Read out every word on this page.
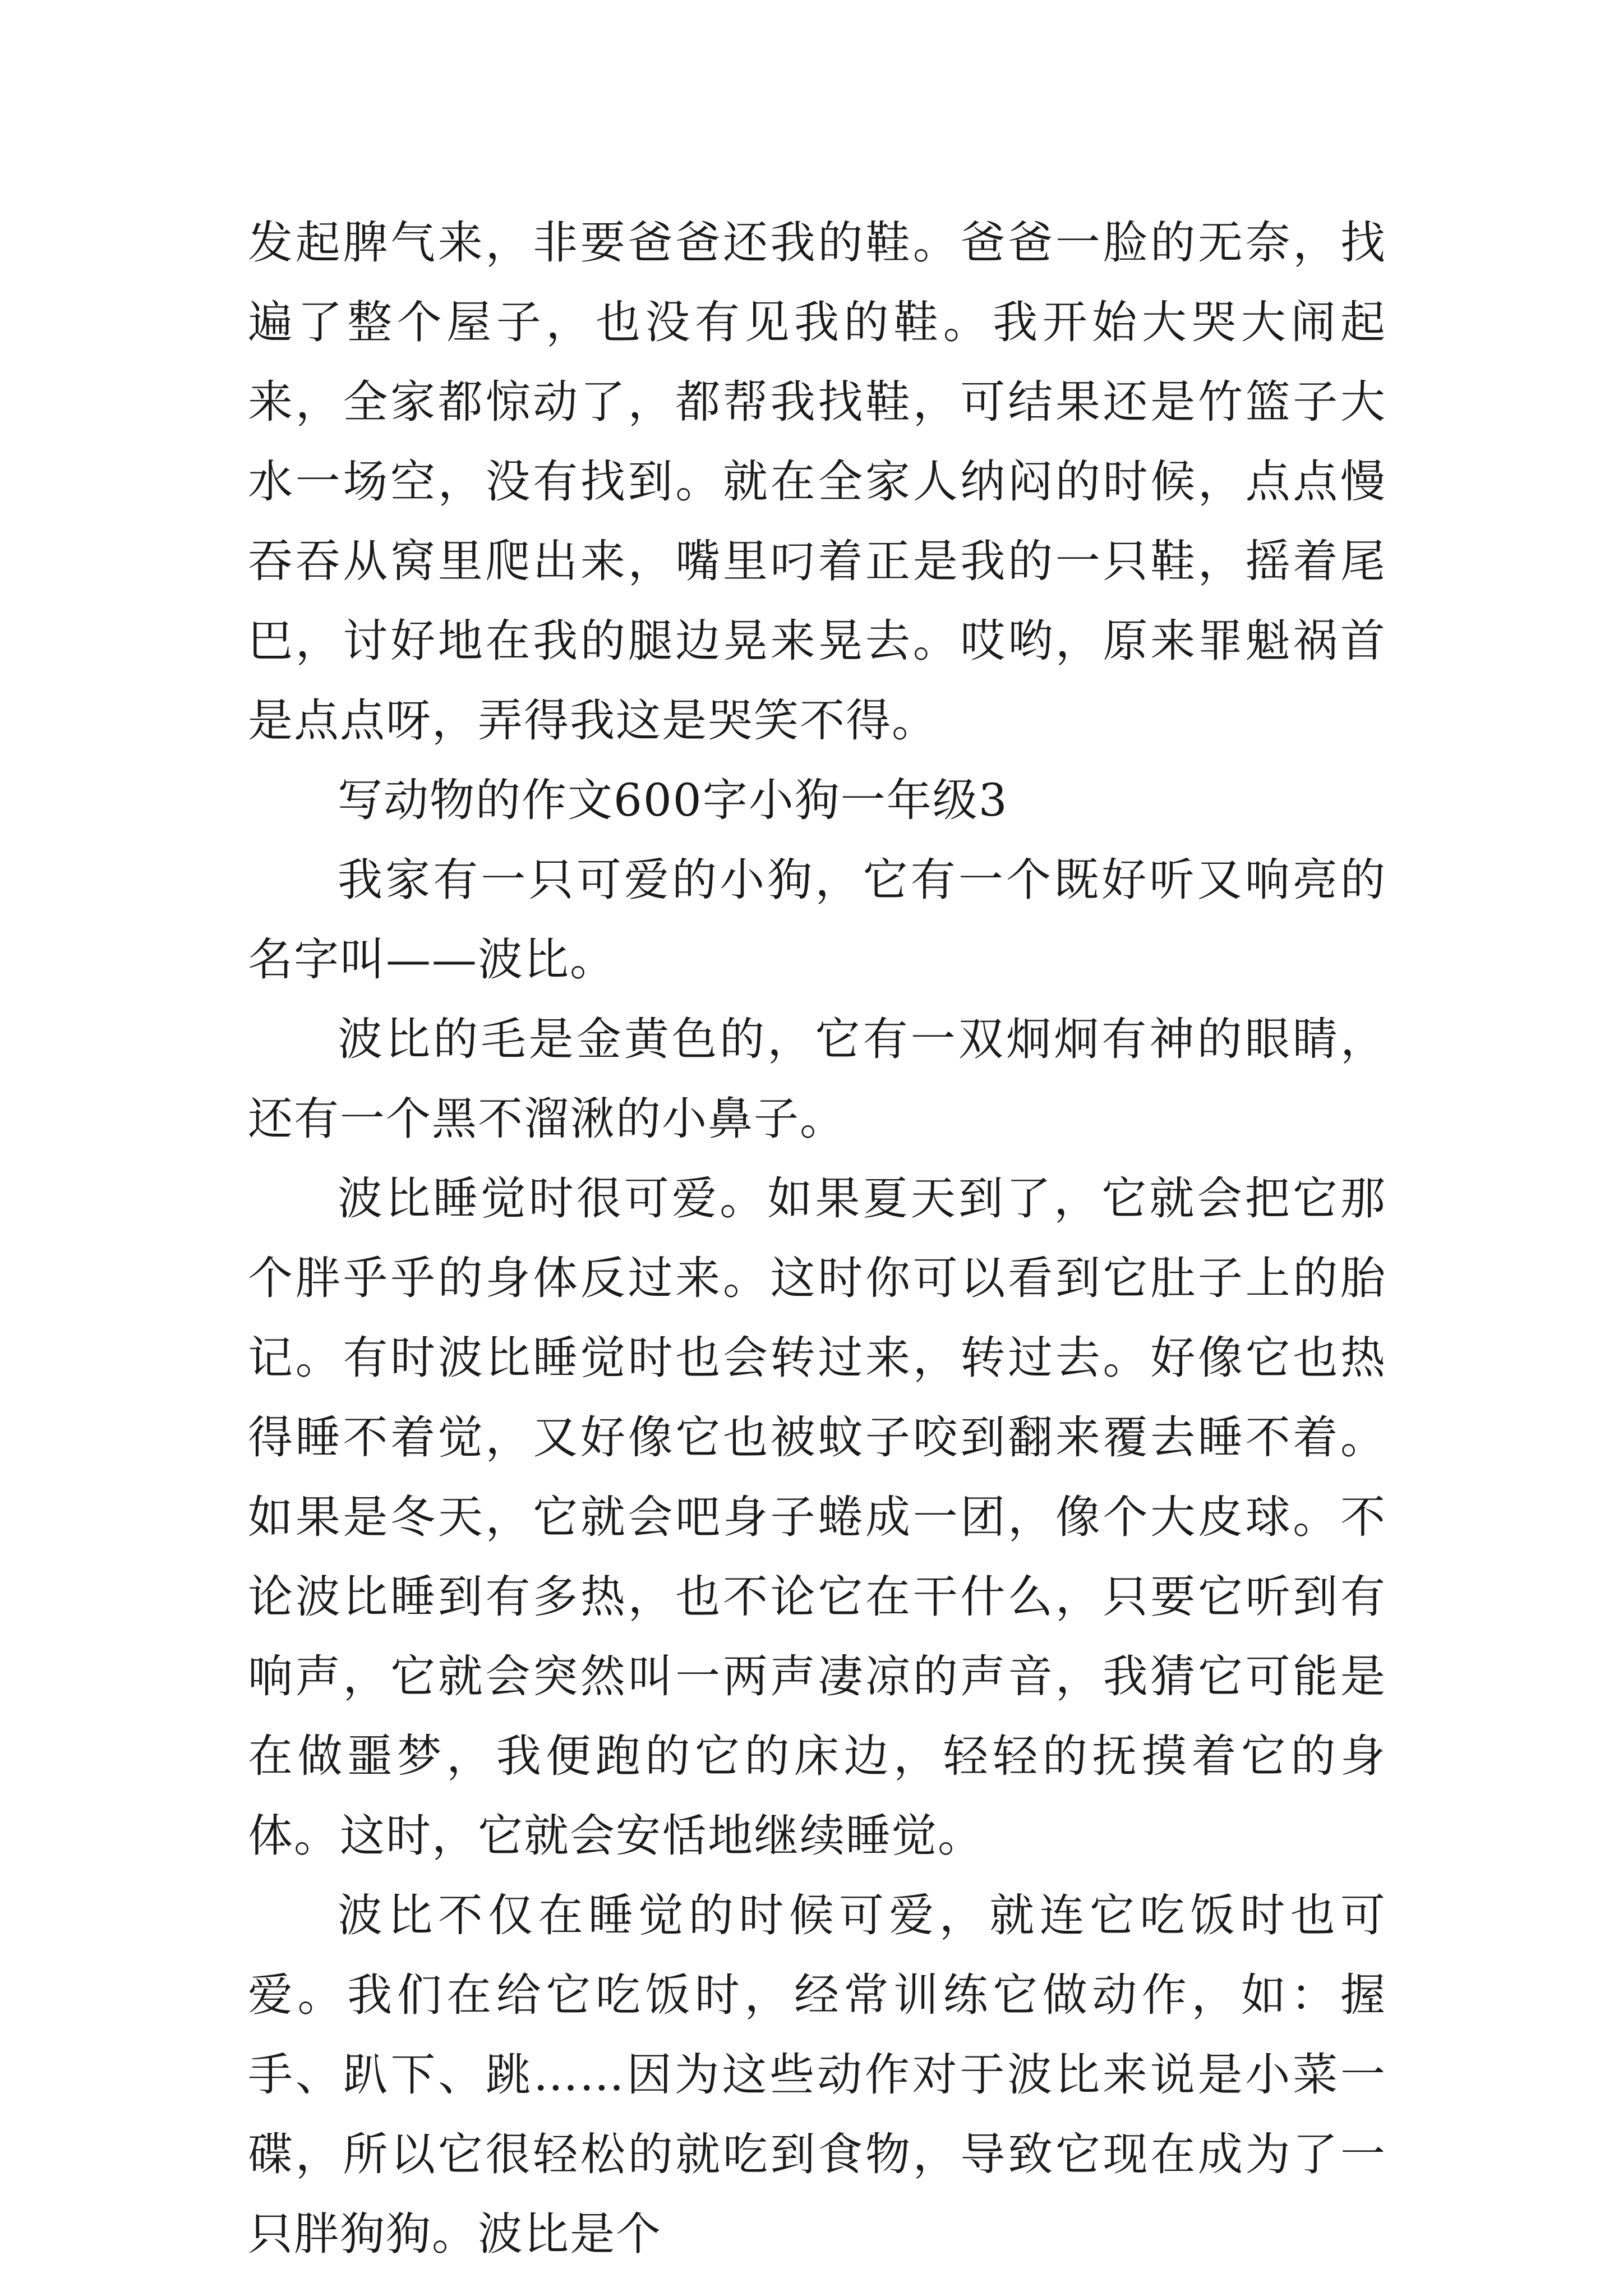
发起脾气来，非要爸爸还我的鞋。爸爸一脸的无奈，找遍了整个屋子，也没有见我的鞋。我开始大哭大闹起来，全家都惊动了，都帮我找鞋，可结果还是竹篮子大水一场空，没有找到。就在全家人纳闷的时候，点点慢吞吞从窝里爬出来，嘴里叼着正是我的一只鞋，摇着尾巴，讨好地在我的腿边晃来晃去。哎哟，原来罪魁祸首是点点呀，弄得我这是哭笑不得。

写动物的作文600字小狗一年级3

我家有一只可爱的小狗，它有一个既好听又响亮的名字叫——波比。

波比的毛是金黄色的，它有一双炯炯有神的眼睛，还有一个黑不溜湫的小鼻子。

波比睡觉时很可爱。如果夏天到了，它就会把它那个胖乎乎的身体反过来。这时你可以看到它肚子上的胎记。有时波比睡觉时也会转过来，转过去。好像它也热得睡不着觉，又好像它也被蚊子咬到翻来覆去睡不着。如果是冬天，它就会吧身子蜷成一团，像个大皮球。不论波比睡到有多热，也不论它在干什么，只要它听到有响声，它就会突然叫一两声凄凉的声音，我猜它可能是在做噩梦，我便跑的它的床边，轻轻的抚摸着它的身体。这时，它就会安恬地继续睡觉。

波比不仅在睡觉的时候可爱，就连它吃饭时也可爱。我们在给它吃饭时，经常训练它做动作，如：握手、趴下、跳……因为这些动作对于波比来说是小菜一碟，所以它很轻松的就吃到食物，导致它现在成为了一只胖狗狗。波比是个
